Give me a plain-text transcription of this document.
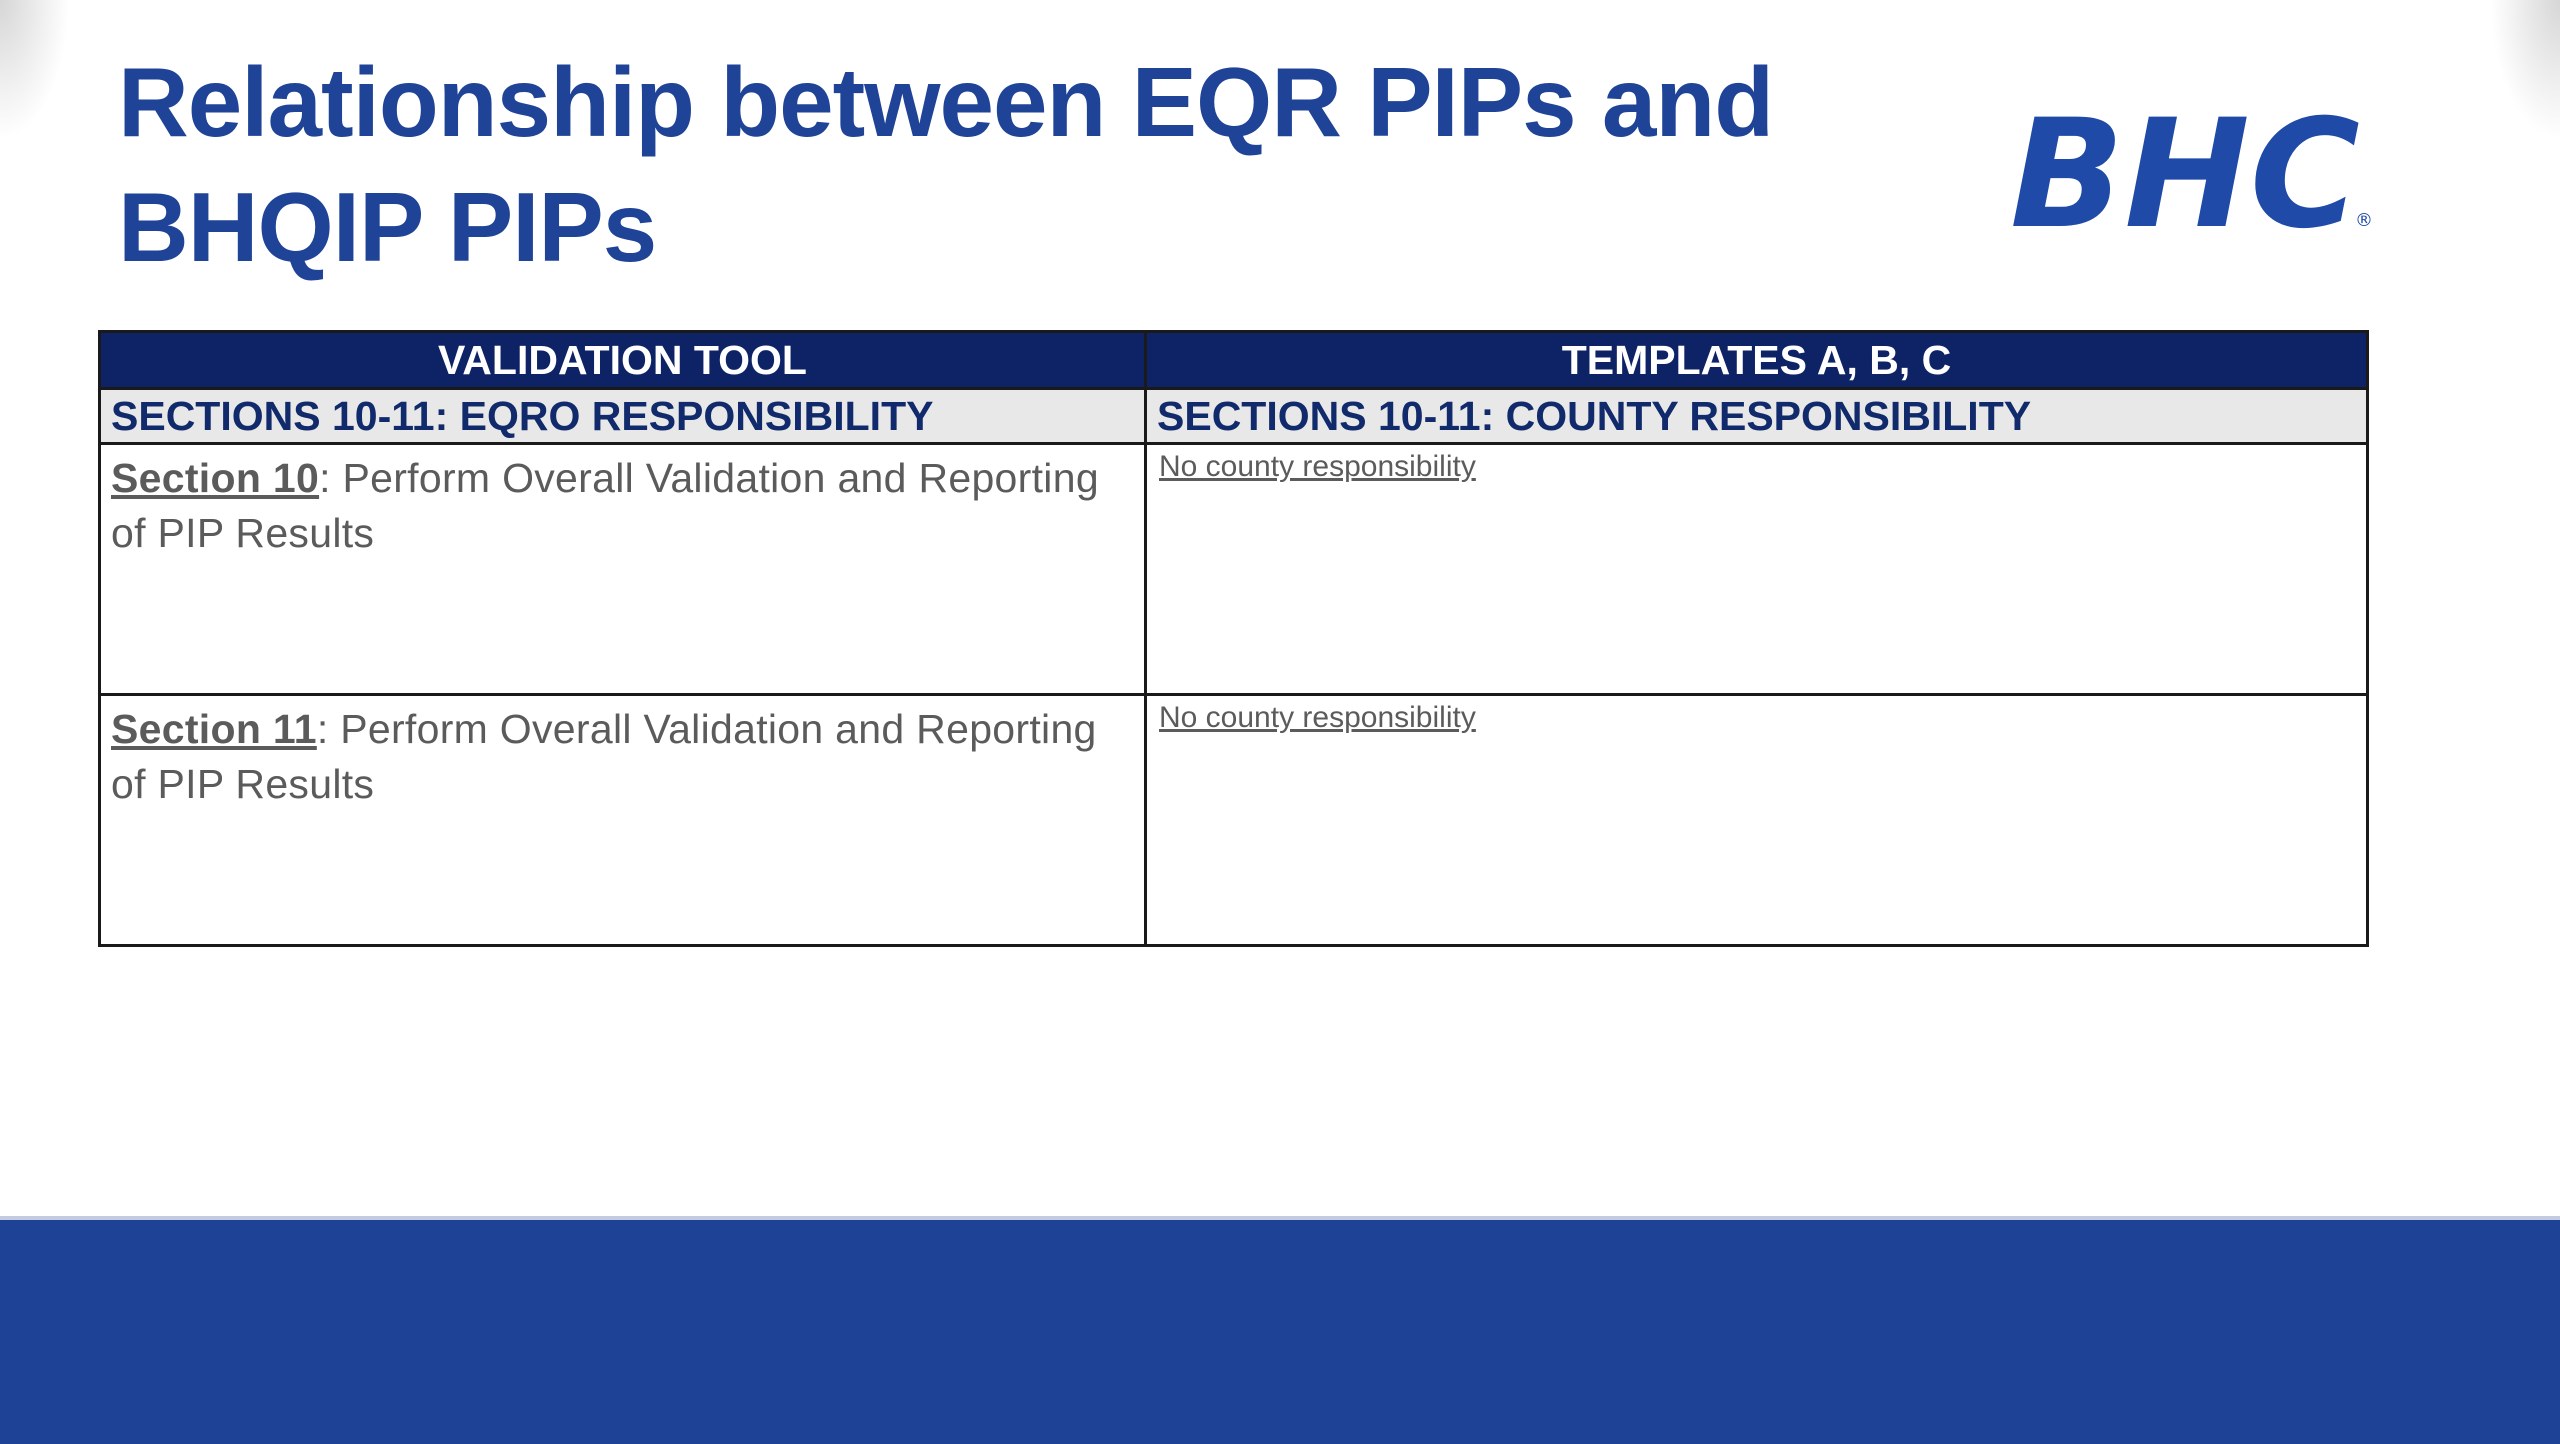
Relationship between EQR PIPs and
BHQIP PIPs	BHC
®
VALIDATION TOOL	TEMPLATES A, B, C
SECTIONS 10-11: EQRO RESPONSIBILITY	SECTIONS 10-11: COUNTY RESPONSIBILITY
Section 10: Perform Overall Validation and Reporting of PIP Results	No county responsibility
Section 11: Perform Overall Validation and Reporting of PIP Results	No county responsibility
